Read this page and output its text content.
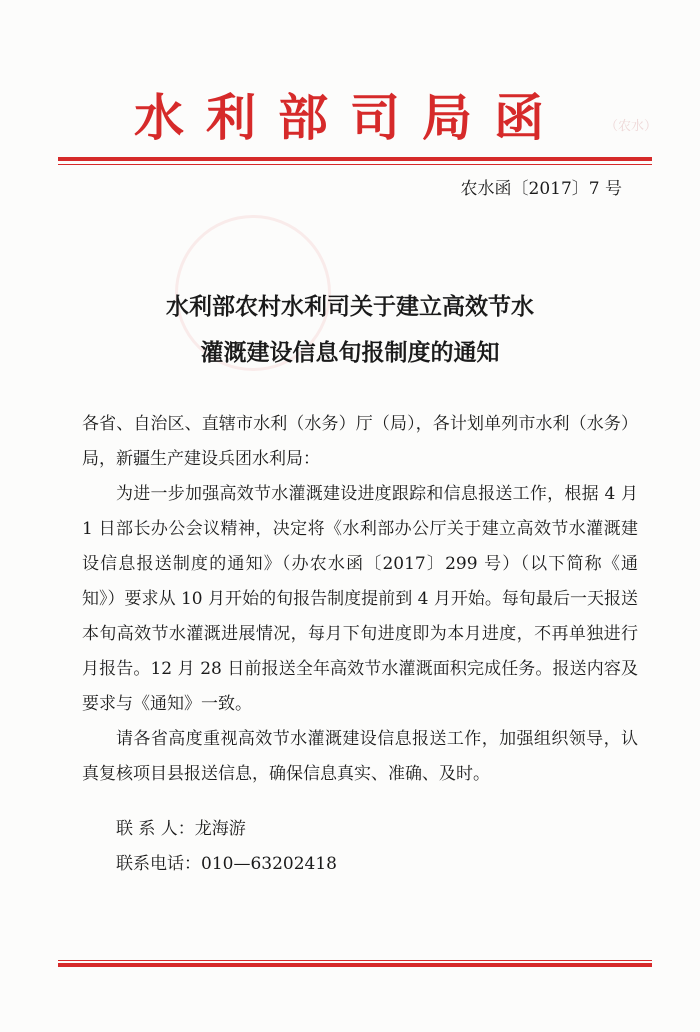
水利部司局函	（农水）
农水函〔2017〕7 号
水利部农村水利司关于建立高效节水
灌溉建设信息旬报制度的通知

各省、自治区、直辖市水利（水务）厅（局），各计划单列市水利（水务）局，新疆生产建设兵团水利局：

为进一步加强高效节水灌溉建设进度跟踪和信息报送工作，根据 4 月 1 日部长办公会议精神，决定将《水利部办公厅关于建立高效节水灌溉建设信息报送制度的通知》（办农水函〔2017〕299 号）（以下简称《通知》）要求从 10 月开始的旬报告制度提前到 4 月开始。每旬最后一天报送本旬高效节水灌溉进展情况，每月下旬进度即为本月进度，不再单独进行月报告。12 月 28 日前报送全年高效节水灌溉面积完成任务。报送内容及要求与《通知》一致。

请各省高度重视高效节水灌溉建设信息报送工作，加强组织领导，认真复核项目县报送信息，确保信息真实、准确、及时。

联 系 人：龙海游
联系电话：010—63202418
